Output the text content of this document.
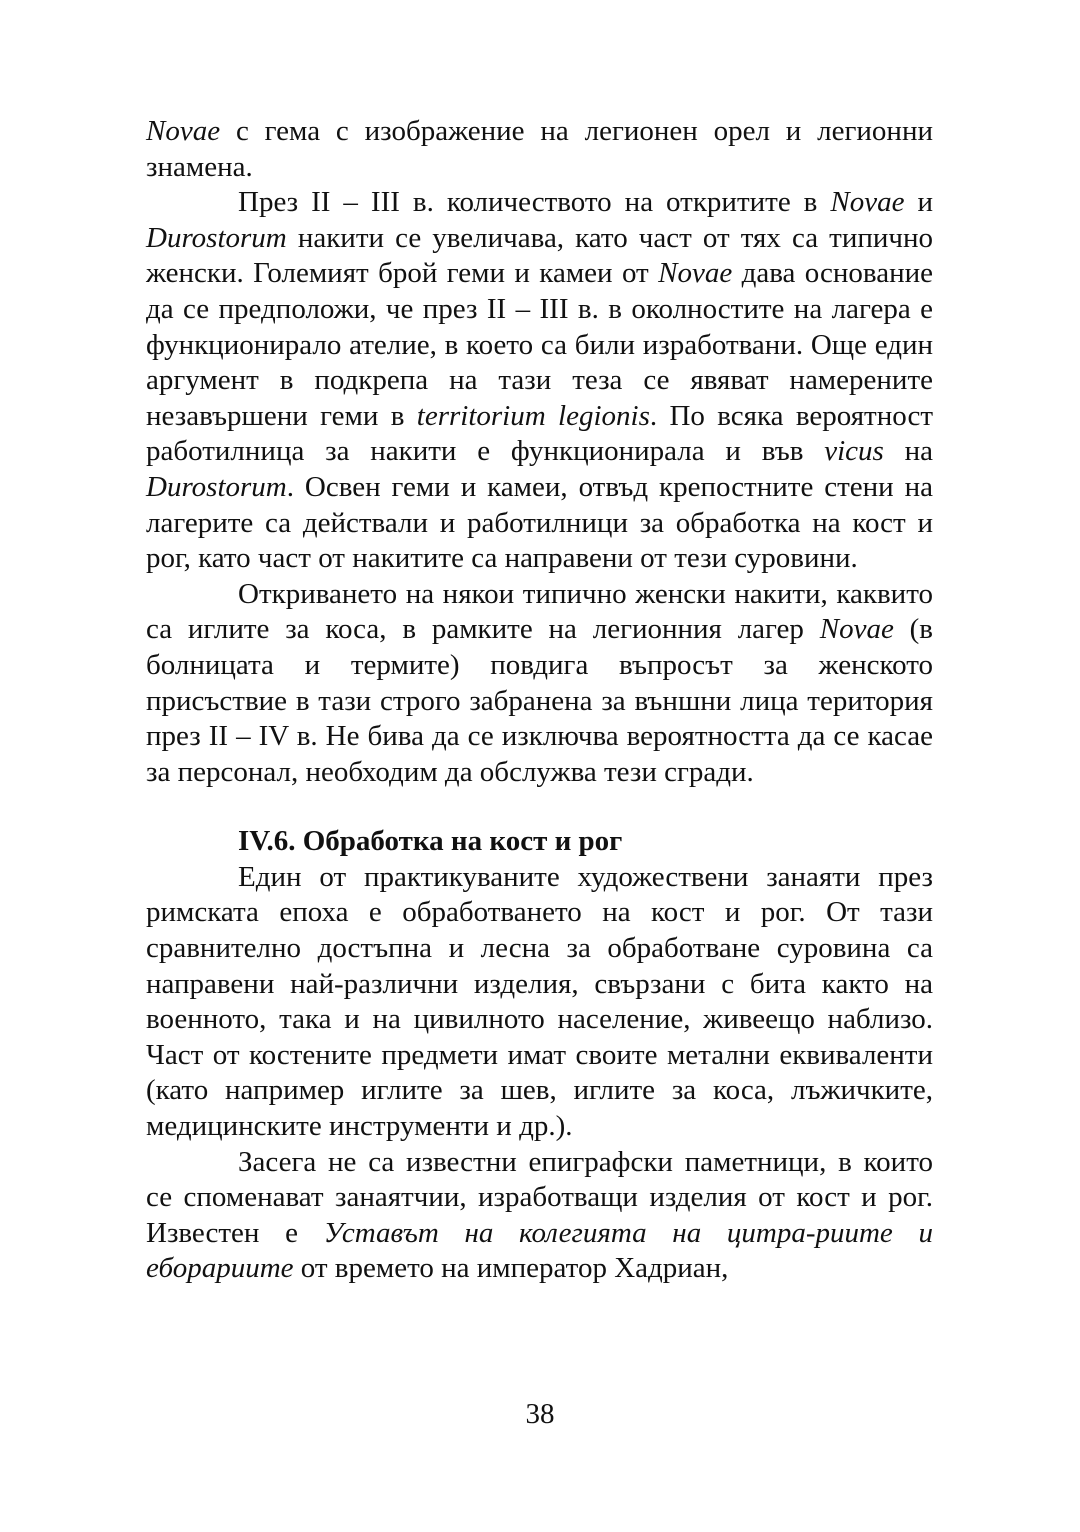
Novae с гема с изображение на легионен орел и легионни знамена.

През II – III в. количеството на откритите в Novae и Durostorum накити се увеличава, като част от тях са типично женски. Големият брой геми и камеи от Novae дава основание да се предположи, че през II – III в. в околностите на лагера е функционирало ателие, в което са били изработвани. Още един аргумент в подкрепа на тази теза се явяват намерените незавършени геми в territorium legionis. По всяка вероятност работилница за накити е функционирала и във vicus на Durostorum. Освен геми и камеи, отвъд крепостните стени на лагерите са действали и работилници за обработка на кост и рог, като част от накитите са направени от тези суровини.

Откриването на някои типично женски накити, каквито са иглите за коса, в рамките на легионния лагер Novae (в болницата и термите) повдига въпросът за женското присъствие в тази строго забранена за външни лица територия през II – IV в. Не бива да се изключва вероятността да се касае за персонал, необходим да обслужва тези сгради.

IV.6. Обработка на кост и рог

Един от практикуваните художествени занаяти през римската епоха е обработването на кост и рог. От тази сравнително достъпна и лесна за обработване суровина са направени най-различни изделия, свързани с бита както на военното, така и на цивилното население, живеещо наблизо. Част от костените предмети имат своите метални еквиваленти (като например иглите за шев, иглите за коса, лъжичките, медицинските инструменти и др.).

Засега не са известни епиграфски паметници, в които се споменават занаятчии, изработващи изделия от кост и рог. Известен е Уставът на колегията на цитра-риите и еборариите от времето на император Хадриан,

38
